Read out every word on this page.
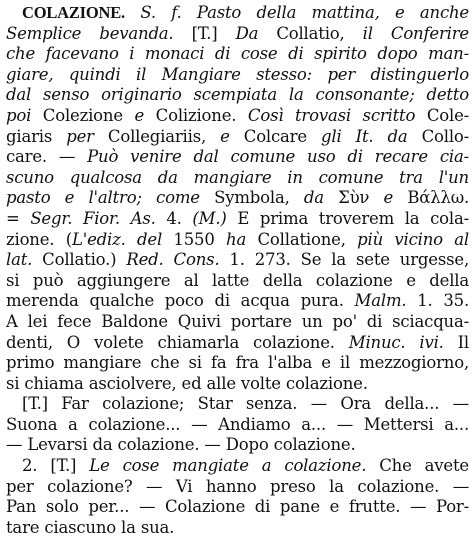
COLAZIONE. S. f. Pasto della mattina, e anche
Semplice bevanda. [T.] Da Collatio, il Conferire
che facevano i monaci di cose di spirito dopo man-
giare, quindi il Mangiare stesso: per distinguerlo
dal senso originario scempiata la consonante; detto
poi Colezione e Colizione. Così trovasi scritto Cole-
giaris per Collegiariis, e Colcare gli It. da Collo-
care. — Può venire dal comune uso di recare cia-
scuno qualcosa da mangiare in comune tra l'un
pasto e l'altro; come Symbola, da Σὺν e Βάλλω.
= Segr. Fior. As. 4. (M.) E prima troverem la cola-
zione. (L'ediz. del 1550 ha Collatione, più vicino al
lat. Collatio.) Red. Cons. 1. 273. Se la sete urgesse,
si può aggiungere al latte della colazione e della
merenda qualche poco di acqua pura. Malm. 1. 35.
A lei fece Baldone Quivi portare un po' di sciacqua-
denti, O volete chiamarla colazione. Minuc. ivi. Il
primo mangiare che si fa fra l'alba e il mezzogiorno,
si chiama asciolvere, ed alle volte colazione.
[T.] Far colazione; Star senza. — Ora della... —
Suona a colazione... — Andiamo a... — Mettersi a...
— Levarsi da colazione. — Dopo colazione.
2. [T.] Le cose mangiate a colazione. Che avete
per colazione? — Vi hanno preso la colazione. —
Pan solo per... — Colazione di pane e frutte. — Por-
tare ciascuno la sua.
